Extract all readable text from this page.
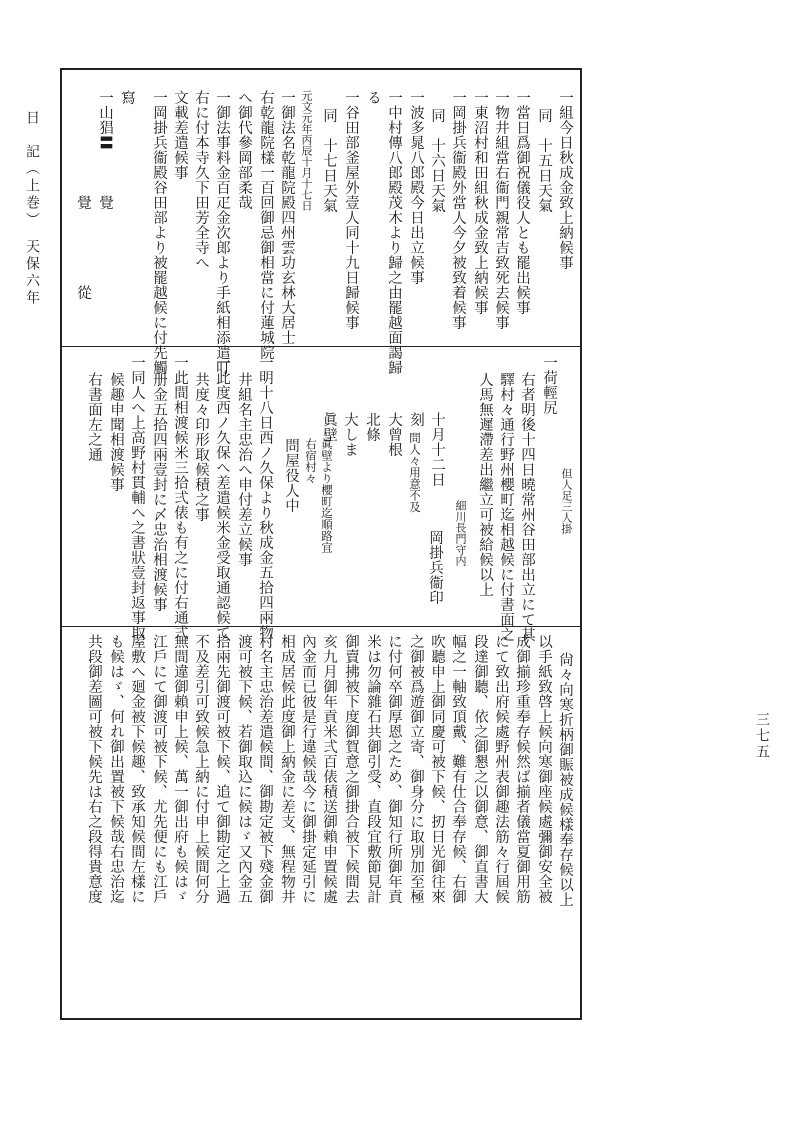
日　記（上巻）　天保六年
三七五
一組今日秋成金致上納候事
同　十五日天氣
一當日爲御祝儀役人とも罷出候事
一物井組當右衞門親常吉致死去候事
一東沼村和田組秋成金致上納候事
一岡掛兵衞殿外當人今夕被致着候事
同　十六日天氣
一波多晁八郎殿今日出立候事
一中村傳八郎殿茂木より歸之由罷越面謁歸
る
一谷田部釜屋外壹人同十九日歸候事
同　十七日天氣
元文元年丙辰十月十七日
一御法名乾龍院殿四州雲功玄林大居士
右乾龍院樣一百回御忌御相當に付蓮城院
へ御代參岡部柔哉
一御法事料金百疋金次郎より手紙相添遣叮
右に付本寺久下田芳全寺へ
文載差遣候事
一岡掛兵衞殿谷田部より被罷越候に付先觸
寫
一山猖〓　　　覺
　　　　　　　覺　　　　　從
一荷輕尻
但人足三人掛
右者明後十四日曉常州谷田部出立にて其
驛村々通行野州櫻町迄相越候に付書面之
人馬無遲滯差出繼立可被給候以上
細川長門守内
岡掛兵衞印
十月十二日
刻
問人々用意不及
大曾根
北條
大しま
眞壁
眞壁より櫻町迄順路宜
右宿村々
問屋役人中
一明十八日西ノ久保より秋成金五拾四兩物
井組名主忠治へ申付差立候事
一此度西ノ久保へ差遣候米金受取通認候て
共度々印形取候積之事
一此間相渡候米三拾弍俵も有之に付右通弍
册金五拾四兩壹封に〆忠治相渡候事
一同人へ上高野村貫輔へ之書狀壹封返事取
候趣申聞相渡候事
右書面左之通
尙々向寒折柄御賑被成候樣奉存候以上
以手紙致啓上候向寒御座候處彌御安全被
成御揃珍重奉存候然ば揃者儀當夏御用筋
にて致出府候處野州表御趣法筋々行屆候
段達御聽、依之御懇之以御意、御直書大
幅之一軸致頂戴、難有仕合奉存候、右御
吹聽申上御同慶可被下候、扨日光御往來
之御被爲遊御立寄、御身分に取別加至極
に付何卒御厚恩之ため、御知行所御年貢
米は勿論雜石共御引受、直段宜敷節見計
御賣拂被下度御賀意之御掛合被下候間去
亥九月御年貢米弍百俵積送御賴申置候處
內金而已彼是行違候哉今に御掛定延引に
相成居候此度御上納金に差支、無程物井
村名主忠治差遣候間、御勘定被下殘金御
渡可被下候、若御取込に候はゞ又內金五
拾兩先御渡可被下候、追て御勘定之上過
不及差引可致候急上納に付申上候間何分
無間違御賴申上候、萬一御出府も候はゞ
江戶にて御渡可被下候、尤先便にも江戶
屋敷へ廻金被下候趣、致承知候間左樣に
も候はゞ、何れ御出置被下候哉右忠治迄
共段御差圖可被下候先は右之段得貴意度
